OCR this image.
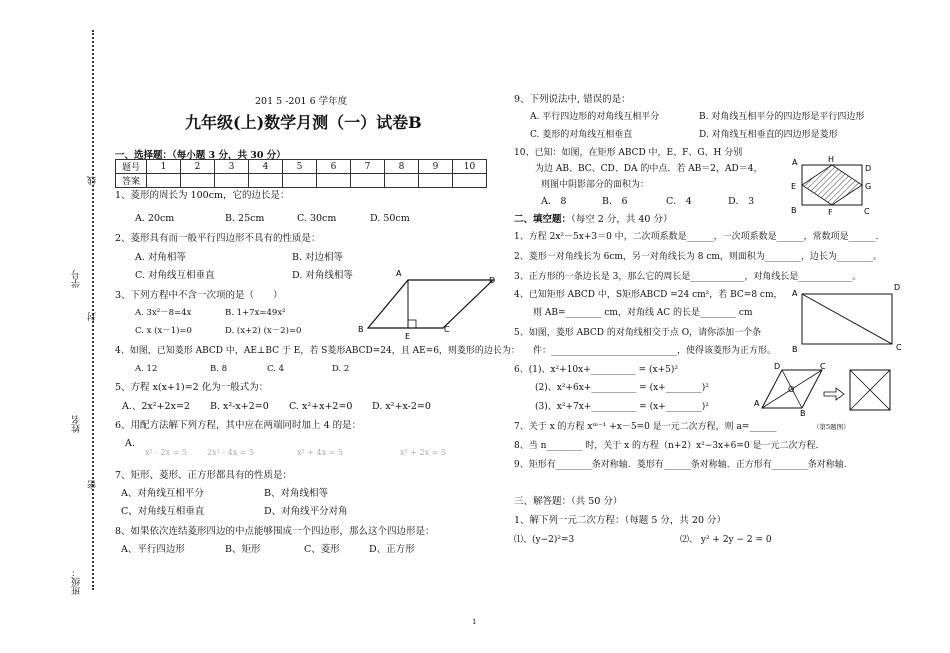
线
学号
封
姓名
密
班级：
201 5 -201 6 学年度
九年级(上)数学月测（一）试卷B
一、选择题：（每小题 3 分，共 30 分）
题号	1	2	3	4	5	6	7	8	9	10
答案										
1、菱形的周长为 100cm，它的边长是：
A. 20cm	B. 25cm	C. 30cm	D. 50cm
2、菱形具有而一般平行四边形不具有的性质是：
A. 对角相等	B. 对边相等
C. 对角线互相垂直	D. 对角线相等
3、下列方程中不含一次项的是（　　）
A. 3x²－8=4x	B. 1+7x=49x²
C. x (x－1)=0	D. (x+2) (x－2)=0
4、如图，已知菱形 ABCD 中，AE⊥BC 于 E，若 S菱形ABCD=24，且 AE=6，则菱形的边长为：
A. 12	B. 8	C. 4	D. 2
5、方程 x(x+1)=2 化为一般式为：
A.、2x²+2x=2 B. x²-x+2=0 C. x²+x+2=0 D. x²+x-2=0
6、用配方法解下列方程，其中应在两端同时加上 4 的是：
A.
x² - 2x = 5	2x² - 4x = 5	x² + 4x = 5	x² + 2x = 5
7、矩形、菱形、正方形都具有的性质是：
A、对角线互相平分	B、对角线相等
C、对角线互相垂直	D、对角线平分对角
8、如果依次连结菱形四边的中点能够围成一个四边形，那么这个四边形是：
A、平行四边形	B、矩形	C、菱形	D、正方形
A
D
B	C
E
9、下列说法中, 错误的是：
A. 平行四边形的对角线互相平分	B. 对角线互相平分的四边形是平行四边形
C. 菱形的对角线互相垂直	D. 对角线互相垂直的四边形是菱形
10、已知：如图，在矩形 ABCD 中，E、F、G、H 分别
为边 AB、BC、CD、DA 的中点．若 AB＝2，AD＝4，
则图中阴影部分的面积为：
A． 8	B． 6	C． 4	D． 3
二、填空题：（每空 2 分，共 40 分）
1、方程 2x²－5x+3＝0 中，二次项系数是______，一次项系数是______，常数项是______．
2、菱形一对角线长为 6cm，另一对角线长为 8 cm，则面积为________，边长为________。
3、正方形的一条边长是 3，那么它的周长是____________，对角线长是____________。
4、已知矩形 ABCD 中，S矩形ABCD =24 cm²，若 BC=8 cm，
则 AB=________ cm，对角线 AC 的长是________ cm
5、如图，菱形 ABCD 的对角线相交于点 O，请你添加一个条
件：____________________________，使得该菱形为正方形。
6、(1)、x²+10x+__________ = (x+5)²
(2)、x²+6x+__________ = (x+________)²
(3)、x²+7x+__________ = (x+________)²
7、关于 x 的方程 xᵐ⁻¹ +x－5=0 是一元二次方程，则 a=______	（第5题图）
8、当 n________ 时，关于 x 的方程（n+2）x²−3x+6=0 是一元二次方程．
9、矩形有________条对称轴．菱形有______条对称轴．正方形有________条对称轴．
三、解答题：（共 50 分）
1、解下列一元二次方程：（每题 5 分，共 20 分）
⑴、(y−2)²=3	⑵、 y² + 2y − 2 = 0
A	H
D
E	G
B	F	C
A
D
B	C
D	C
A
O
B
1
